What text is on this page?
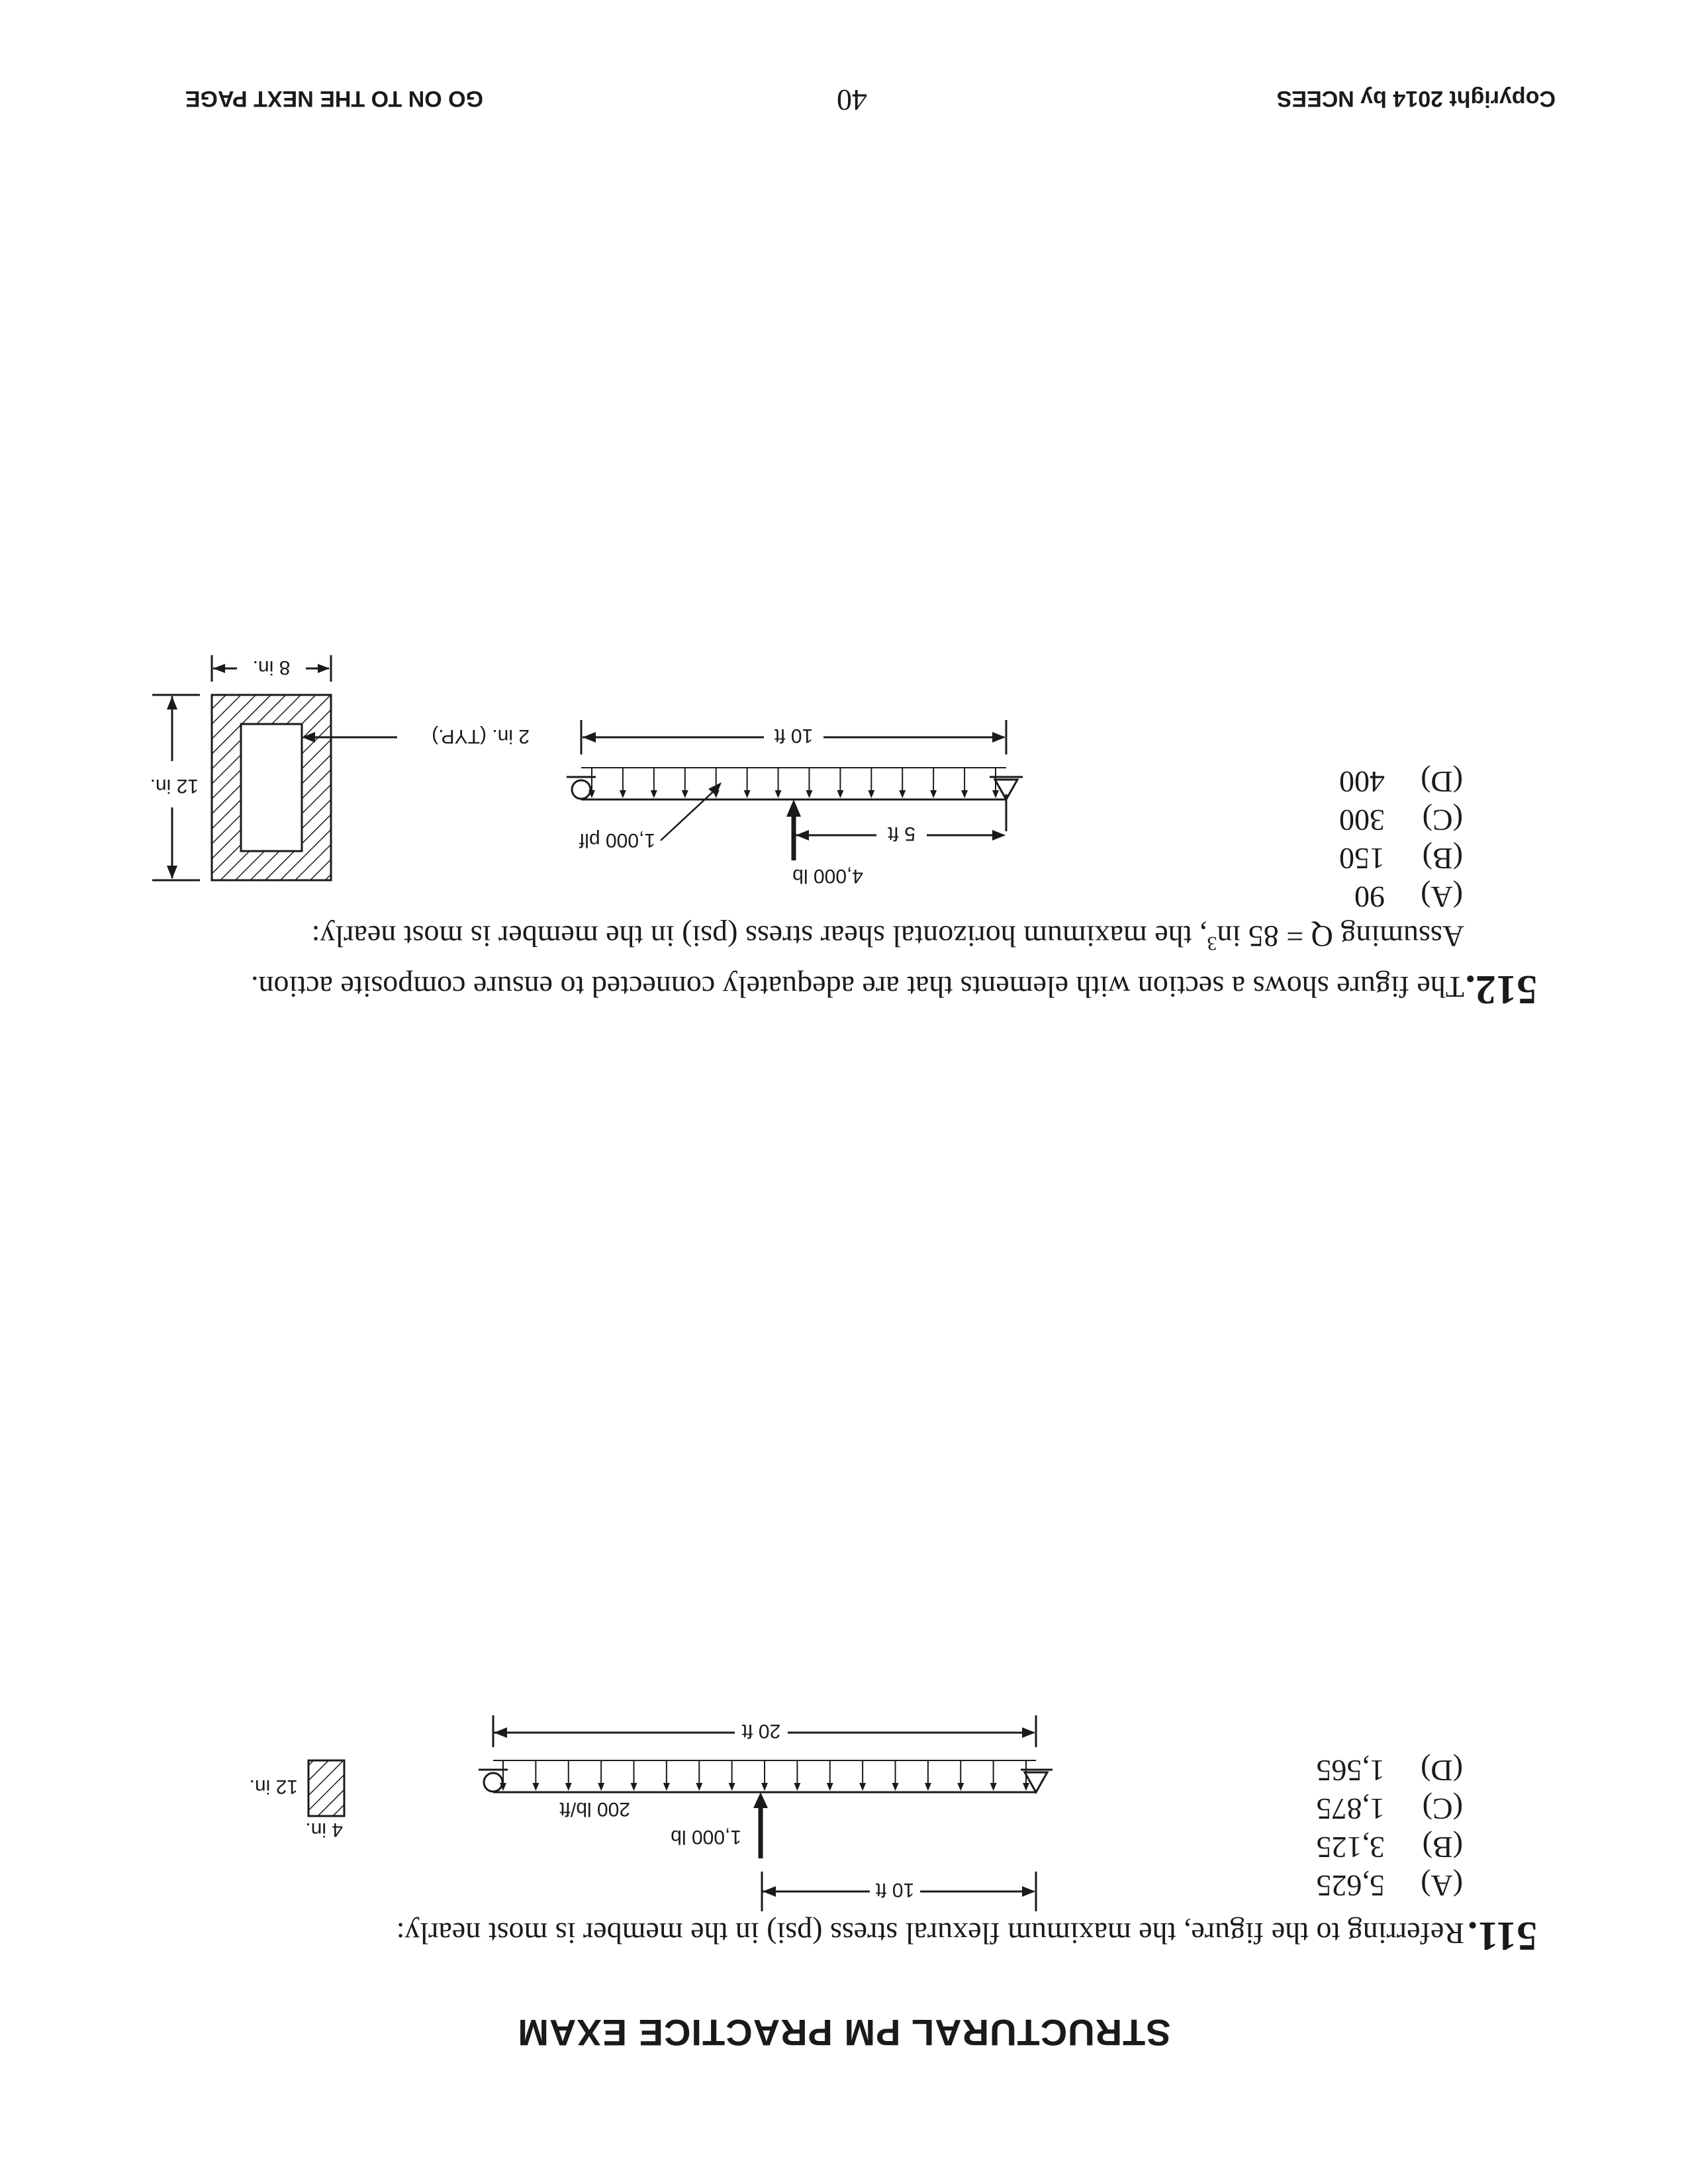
STRUCTURAL PM PRACTICE EXAM
511.
Referring to the figure, the maximum flexural stress (psi) in the member is most nearly:
(A)
5,625
(B)
3,125
(C)
1,875
(D)
1,565
10 ft
1,000 lb
200 lb/ft
20 ft
4 in.
12 in.
512.
The figure shows a section with elements that are adequately connected to ensure composite action.
Assuming Q = 85 $in^3$, the maximum horizontal shear stress (psi) in the member is most nearly:
(A)
90
(B)
150
(C)
300
(D)
400
4,000 lb
1,000 plf	5 ft
10 ft
12 in.
2 in. (TYP.)
8 in.
Copyright 2014 by NCEES
40
GO ON TO THE NEXT PAGE
